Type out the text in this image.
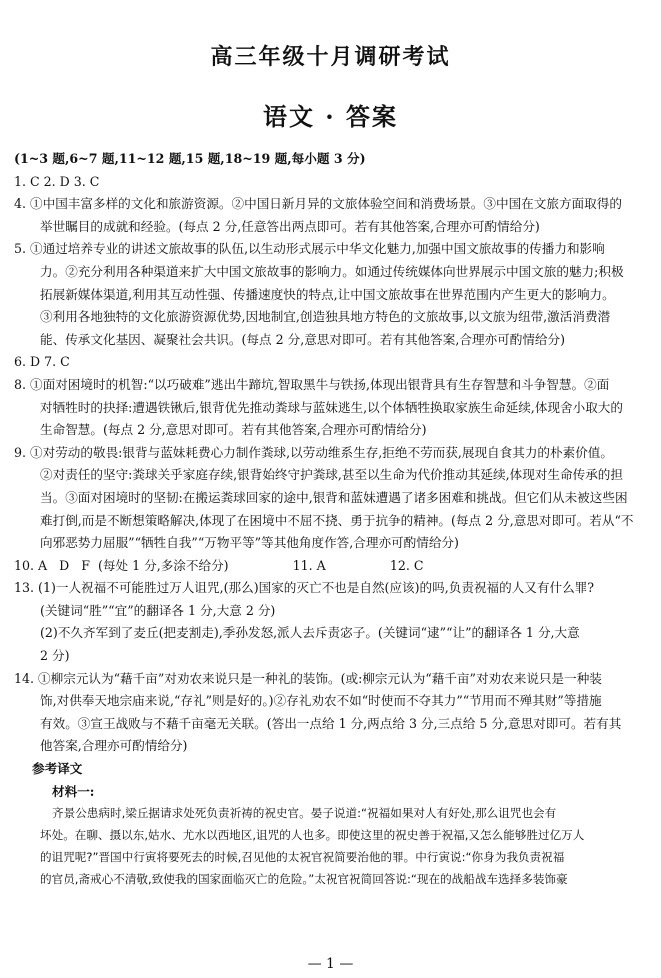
高三年级十月调研考试
语文 · 答案
(1~3 题,6~7 题,11~12 题,15 题,18~19 题,每小题 3 分)
1. C 2. D 3. C
4. ①中国丰富多样的文化和旅游资源。②中国日新月异的文旅体验空间和消费场景。③中国在文旅方面取得的
举世瞩目的成就和经验。(每点 2 分,任意答出两点即可。若有其他答案,合理亦可酌情给分)
5. ①通过培养专业的讲述文旅故事的队伍,以生动形式展示中华文化魅力,加强中国文旅故事的传播力和影响
力。②充分利用各种渠道来扩大中国文旅故事的影响力。如通过传统媒体向世界展示中国文旅的魅力;积极
拓展新媒体渠道,利用其互动性强、传播速度快的特点,让中国文旅故事在世界范围内产生更大的影响力。
③利用各地独特的文化旅游资源优势,因地制宜,创造独具地方特色的文旅故事,以文旅为纽带,激活消费潜
能、传承文化基因、凝聚社会共识。(每点 2 分,意思对即可。若有其他答案,合理亦可酌情给分)
6. D 7. C
8. ①面对困境时的机智:“以巧破难”逃出牛蹄坑,智取黑牛与铁扬,体现出银背具有生存智慧和斗争智慧。②面
对牺牲时的抉择:遭遇铁锹后,银背优先推动粪球与蓝妹逃生,以个体牺牲换取家族生命延续,体现舍小取大的
生命智慧。(每点 2 分,意思对即可。若有其他答案,合理亦可酌情给分)
9. ①对劳动的敬畏:银背与蓝妹耗费心力制作粪球,以劳动维系生存,拒绝不劳而获,展现自食其力的朴素价值。
②对责任的坚守:粪球关乎家庭存续,银背始终守护粪球,甚至以生命为代价推动其延续,体现对生命传承的担
当。③面对困境时的坚韧:在搬运粪球回家的途中,银背和蓝妹遭遇了诸多困难和挑战。但它们从未被这些困
难打倒,而是不断想策略解决,体现了在困境中不屈不挠、勇于抗争的精神。(每点 2 分,意思对即可。若从“不
向邪恶势力屈服”“牺牲自我”“万物平等”等其他角度作答,合理亦可酌情给分)
10. A   D   F  (每处 1 分,多涂不给分)                11. A                12. C
13. (1)一人祝福不可能胜过万人诅咒,(那么)国家的灭亡不也是自然(应该)的吗,负责祝福的人又有什么罪?
(关键词“胜”“宜”的翻译各 1 分,大意 2 分)
(2)不久齐军到了麦丘(把麦割走),季孙发怒,派人去斥责宓子。(关键词“逮”“让”的翻译各 1 分,大意
2 分)
14. ①柳宗元认为“藉千亩”对劝农来说只是一种礼的装饰。(或:柳宗元认为“藉千亩”对劝农来说只是一种装
饰,对供奉天地宗庙来说,“存礼”则是好的。)②存礼劝农不如“时使而不夺其力”“节用而不殚其财”等措施
有效。③宣王战败与不藉千亩毫无关联。(答出一点给 1 分,两点给 3 分,三点给 5 分,意思对即可。若有其
他答案,合理亦可酌情给分)
参考译文
材料一:
齐景公患病时,梁丘据请求处死负责祈祷的祝史官。晏子说道:“祝福如果对人有好处,那么诅咒也会有
坏处。在聊、摄以东,姑水、尤水以西地区,诅咒的人也多。即使这里的祝史善于祝福,又怎么能够胜过亿万人
的诅咒呢?”晋国中行寅将要死去的时候,召见他的太祝官祝简要治他的罪。中行寅说:“你身为我负责祝福
的官员,斋戒心不清敬,致使我的国家面临灭亡的危险。”太祝官祝简回答说:“现在的战船战车选择多装饰豪
— 1 —
